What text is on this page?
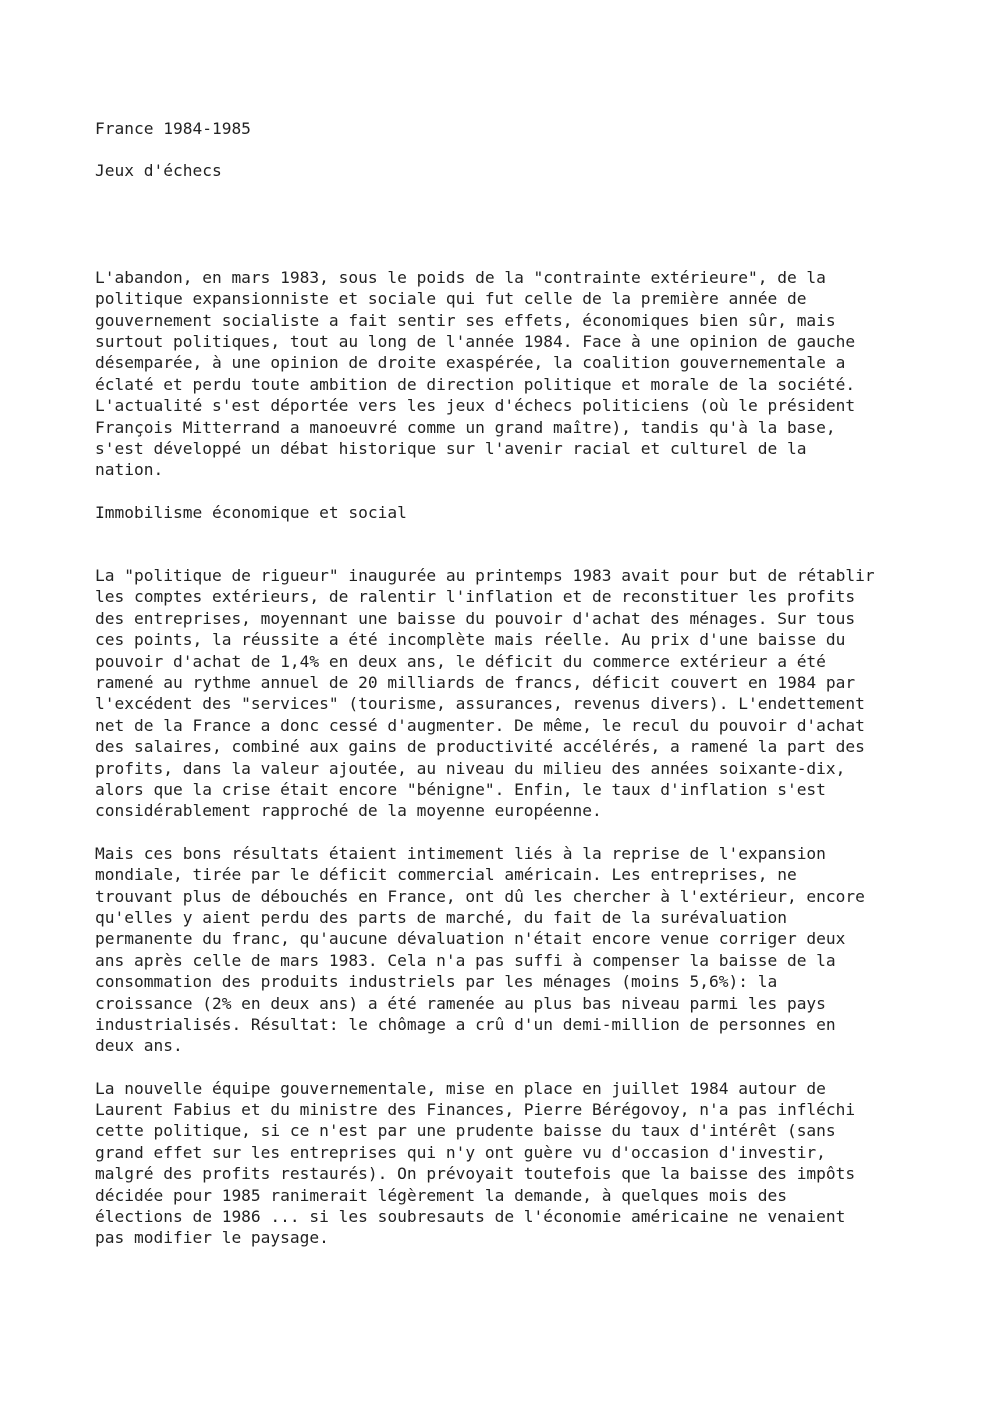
France 1984-1985
Jeux d'échecs
L'abandon, en mars 1983, sous le poids de la "contrainte extérieure", de la
politique expansionniste et sociale qui fut celle de la première année de
gouvernement socialiste a fait sentir ses effets, économiques bien sûr, mais
surtout politiques, tout au long de l'année 1984. Face à une opinion de gauche
désemparée, à une opinion de droite exaspérée, la coalition gouvernementale a
éclaté et perdu toute ambition de direction politique et morale de la société.
L'actualité s'est déportée vers les jeux d'échecs politiciens (où le président
François Mitterrand a manoeuvré comme un grand maître), tandis qu'à la base,
s'est développé un débat historique sur l'avenir racial et culturel de la
nation.
Immobilisme économique et social
La "politique de rigueur" inaugurée au printemps 1983 avait pour but de rétablir
les comptes extérieurs, de ralentir l'inflation et de reconstituer les profits
des entreprises, moyennant une baisse du pouvoir d'achat des ménages. Sur tous
ces points, la réussite a été incomplète mais réelle. Au prix d'une baisse du
pouvoir d'achat de 1,4% en deux ans, le déficit du commerce extérieur a été
ramené au rythme annuel de 20 milliards de francs, déficit couvert en 1984 par
l'excédent des "services" (tourisme, assurances, revenus divers). L'endettement
net de la France a donc cessé d'augmenter. De même, le recul du pouvoir d'achat
des salaires, combiné aux gains de productivité accélérés, a ramené la part des
profits, dans la valeur ajoutée, au niveau du milieu des années soixante-dix,
alors que la crise était encore "bénigne". Enfin, le taux d'inflation s'est
considérablement rapproché de la moyenne européenne.
Mais ces bons résultats étaient intimement liés à la reprise de l'expansion
mondiale, tirée par le déficit commercial américain. Les entreprises, ne
trouvant plus de débouchés en France, ont dû les chercher à l'extérieur, encore
qu'elles y aient perdu des parts de marché, du fait de la surévaluation
permanente du franc, qu'aucune dévaluation n'était encore venue corriger deux
ans après celle de mars 1983. Cela n'a pas suffi à compenser la baisse de la
consommation des produits industriels par les ménages (moins 5,6%): la
croissance (2% en deux ans) a été ramenée au plus bas niveau parmi les pays
industrialisés. Résultat: le chômage a crû d'un demi-million de personnes en
deux ans.
La nouvelle équipe gouvernementale, mise en place en juillet 1984 autour de
Laurent Fabius et du ministre des Finances, Pierre Bérégovoy, n'a pas infléchi
cette politique, si ce n'est par une prudente baisse du taux d'intérêt (sans
grand effet sur les entreprises qui n'y ont guère vu d'occasion d'investir,
malgré des profits restaurés). On prévoyait toutefois que la baisse des impôts
décidée pour 1985 ranimerait légèrement la demande, à quelques mois des
élections de 1986 ... si les soubresauts de l'économie américaine ne venaient
pas modifier le paysage.
